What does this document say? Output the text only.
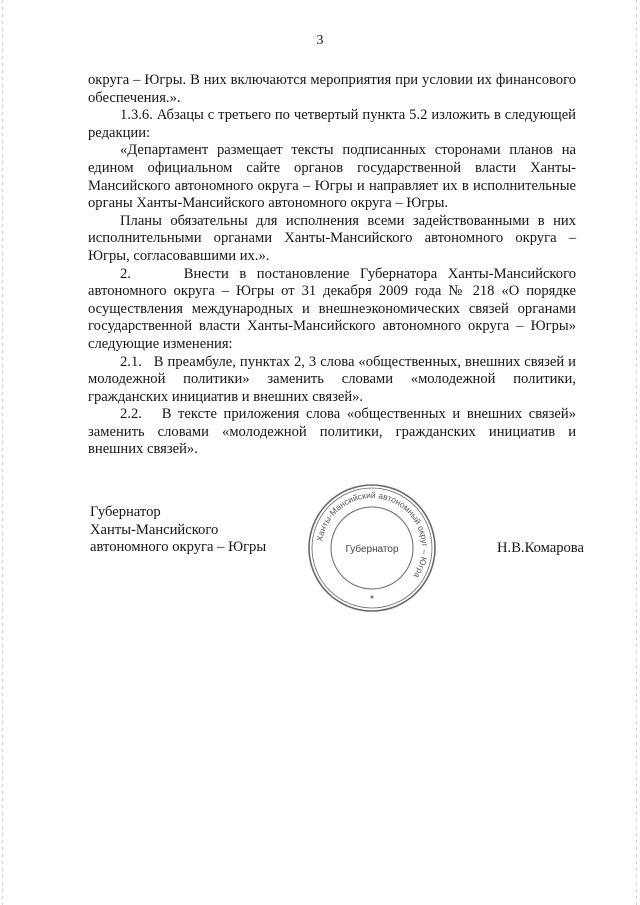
3

округа – Югры. В них включаются мероприятия при условии их финансового обеспечения.».

1.3.6. Абзацы с третьего по четвертый пункта 5.2 изложить в следующей редакции:

«Департамент размещает тексты подписанных сторонами планов на едином официальном сайте органов государственной власти Ханты-Мансийского автономного округа – Югры и направляет их в исполнительные органы Ханты-Мансийского автономного округа – Югры.

Планы обязательны для исполнения всеми задействованными в них исполнительными органами Ханты-Мансийского автономного округа – Югры, согласовавшими их.».

2.     Внести в постановление Губернатора Ханты-Мансийского автономного округа – Югры от 31 декабря 2009 года № 218 «О порядке осуществления международных и внешнеэкономических связей органами государственной власти Ханты-Мансийского автономного округа – Югры» следующие изменения:

2.1.   В преамбуле, пунктах 2, 3 слова «общественных, внешних связей и молодежной политики» заменить словами «молодежной политики, гражданских инициатив и внешних связей».

2.2.   В тексте приложения слова «общественных и внешних связей» заменить словами «молодежной политики, гражданских инициатив и внешних связей».

Губернатор
Ханты-Мансийского
автономного округа – Югры
Ханты-Мансийский автономный округ – Югра
Губернатор
★
Н.В.Комарова
